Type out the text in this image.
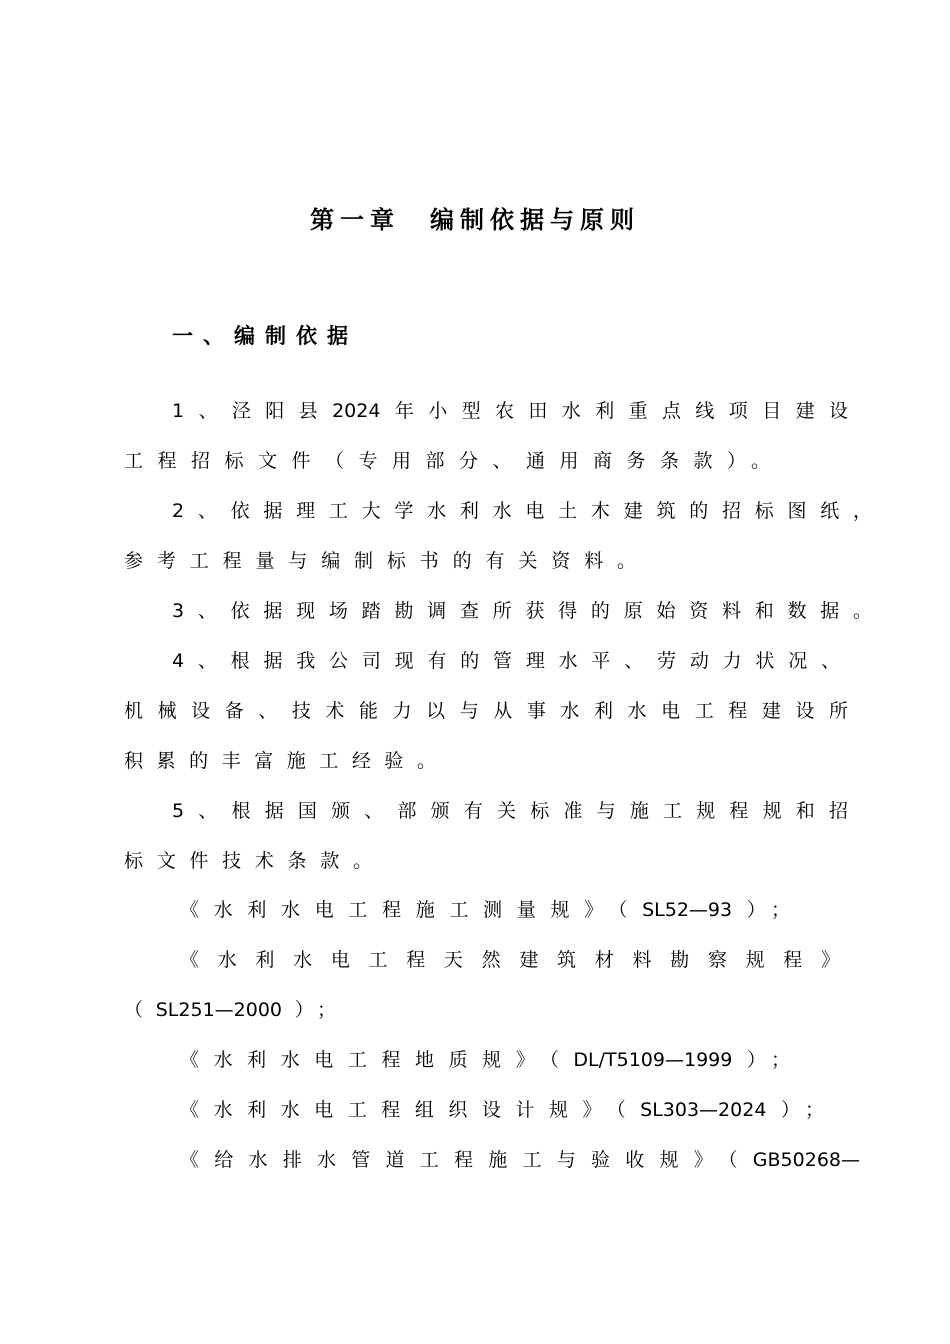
第一章　编制依据与原则
一、编制依据
1、泾阳县2024年小型农田水利重点线项目建设
工程招标文件（专用部分、通用商务条款）。
2、依据理工大学水利水电土木建筑的招标图纸，
参考工程量与编制标书的有关资料。
3、依据现场踏勘调查所获得的原始资料和数据。
4、根据我公司现有的管理水平、劳动力状况、
机械设备、技术能力以与从事水利水电工程建设所
积累的丰富施工经验。
5、根据国颁、部颁有关标准与施工规程规和招
标文件技术条款。
《水利水电工程施工测量规》（SL52—93）；
《水利水电工程天然建筑材料勘察规程》
（SL251—2000）；
《水利水电工程地质规》（DL/T5109—1999）；
《水利水电工程组织设计规》（SL303—2024）；
《给水排水管道工程施工与验收规》（GB50268—
